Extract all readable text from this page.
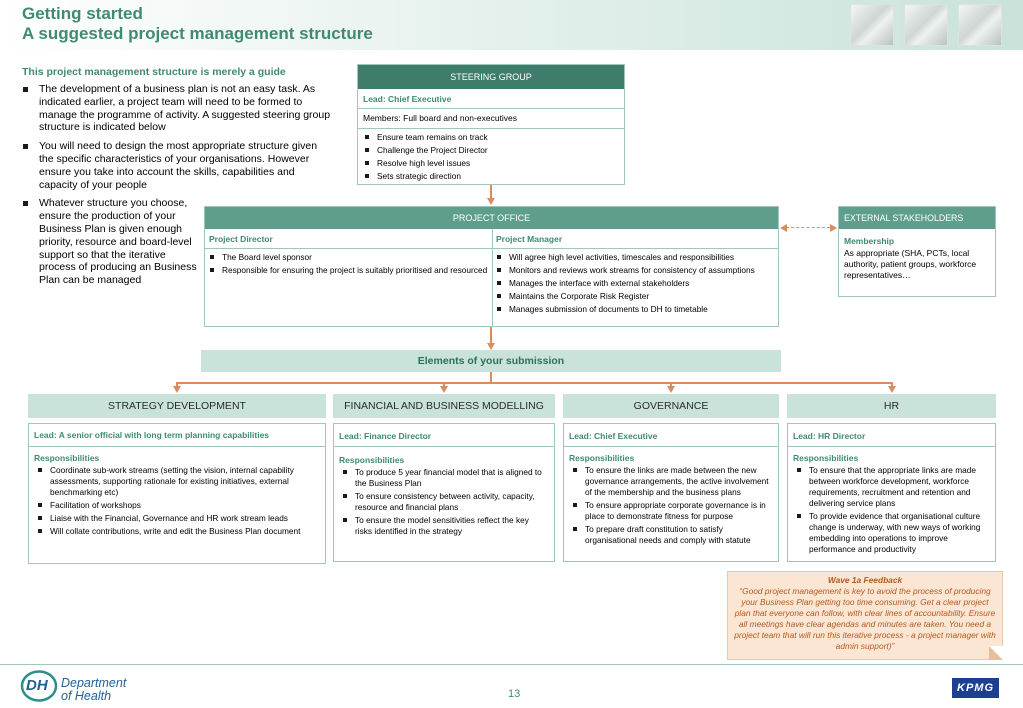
Getting started
A suggested project management structure
This project management structure is merely a guide
The development of a business plan is not an easy task. As indicated earlier, a project team will need to be formed to manage the programme of activity. A suggested steering group structure is indicated below
You will need to design the most appropriate structure given the specific characteristics of your organisations. However ensure you take into account the skills, capabilities and capacity of your people
Whatever structure you choose, ensure the production of your Business Plan is given enough priority, resource and board-level support so that the iterative process of producing an Business Plan can be managed
STEERING GROUP
Lead: Chief Executive
Members: Full board and non-executives
Ensure team remains on track
Challenge the Project Director
Resolve high level issues
Sets strategic direction
PROJECT OFFICE
Project Director	Project Manager
The Board level sponsor
Responsible for ensuring the project is suitably prioritised and resourced
Will agree high level activities, timescales and responsibilities
Monitors and reviews work streams for consistency of assumptions
Manages the interface with external stakeholders
Maintains the Corporate Risk Register
Manages submission of documents to DH to timetable
EXTERNAL STAKEHOLDERS
Membership
As appropriate (SHA, PCTs, local authority, patient groups, workforce representatives…
Elements of your submission
STRATEGY DEVELOPMENT	FINANCIAL AND BUSINESS MODELLING	GOVERNANCE	HR
Lead: A senior official with long term planning capabilities
Responsibilities
Coordinate sub-work streams (setting the vision, internal capability assessments, supporting rationale for existing initiatives, external benchmarking etc)
Facilitation of workshops
Liaise with the Financial, Governance and HR work stream leads
Will collate contributions, write and edit the Business Plan document
Lead: Finance Director
Responsibilities
To produce 5 year financial model that is aligned to the Business Plan
To ensure consistency between activity, capacity, resource and financial plans
To ensure the model sensitivities reflect the key risks identified in the strategy
Lead: Chief Executive
Responsibilities
To ensure the links are made between the new governance arrangements, the active involvement of the membership and the business plans
To ensure appropriate corporate governance is in place to demonstrate fitness for purpose
To prepare draft constitution to satisfy organisational needs and comply with statute
Lead: HR Director
Responsibilities
To ensure that the appropriate links are made between workforce development, workforce requirements, recruitment and retention and delivering service plans
To provide evidence that organisational culture change is underway, with new ways of working embedding into operations to improve performance and productivity
Wave 1a Feedback
“Good project management is key to avoid the process of producing your Business Plan getting too time consuming. Get a clear project plan that everyone can follow, with clear lines of accountability. Ensure all meetings have clear agendas and minutes are taken. You need a project team that will run this iterative process - a project manager with admin support)”
DH Department
of Health	13	KPMG
